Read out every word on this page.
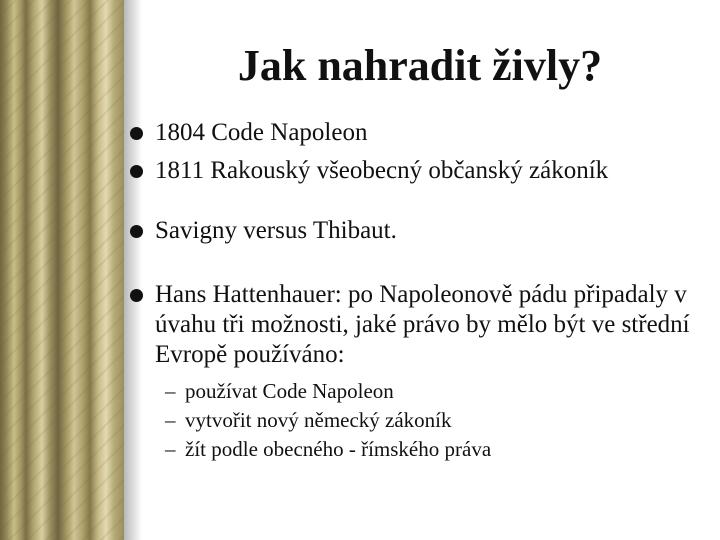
Jak nahradit živly?
1804 Code Napoleon
1811 Rakouský všeobecný občanský zákoník
Savigny versus Thibaut.
Hans Hattenhauer: po Napoleonově pádu připadaly v úvahu tři možnosti, jaké právo by mělo být ve střední Evropě používáno:
– používat Code Napoleon
– vytvořit nový německý zákoník
– žít podle obecného - římského práva
